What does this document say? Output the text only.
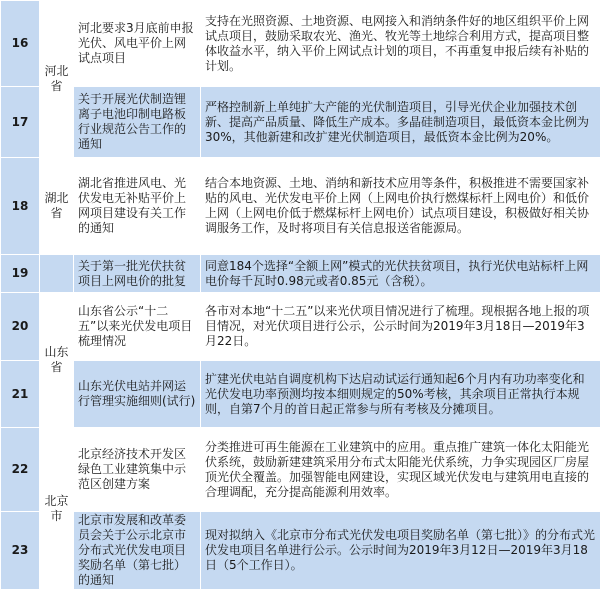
16	河北省	河北要求3月底前申报光伏、风电平价上网试点项目	支持在光照资源、土地资源、电网接入和消纳条件好的地区组织平价上网试点项目，鼓励采取农光、渔光、牧光等土地综合利用方式，提高项目整体收益水平，纳入平价上网试点计划的项目，不再重复申报后续有补贴的计划。
17		关于开展光伏制造锂离子电池印制电路板行业规范公告工作的通知	严格控制新上单纯扩大产能的光伏制造项目，引导光伏企业加强技术创新、提高产品质量、降低生产成本。多晶硅制造项目，最低资本金比例为30%，其他新建和改扩建光伏制造项目，最低资本金比例为20%。
18	湖北省	湖北省推进风电、光伏发电无补贴平价上网项目建设有关工作的通知	结合本地资源、土地、消纳和新技术应用等条件，积极推进不需要国家补贴的风电、光伏发电平价上网（上网电价执行燃煤标杆上网电价）和低价上网（上网电价低于燃煤标杆上网电价）试点项目建设，积极做好相关协调服务工作，及时将项目有关信息报送省能源局。
19		关于第一批光伏扶贫项目上网电价的批复	同意184个选择“全额上网”模式的光伏扶贫项目，执行光伏电站标杆上网电价每千瓦时0.98元或者0.85元（含税）。
20	山东省	山东省公示“十二五”以来光伏发电项目梳理情况	各市对本地“十二五”以来光伏项目情况进行了梳理。现根据各地上报的项目情况，对光伏项目进行公示，公示时间为2019年3月18日—2019年3月22日。
21		山东光伏电站并网运行管理实施细则(试行)	扩建光伏电站自调度机构下达启动试运行通知起6个月内有功功率变化和光伏发电功率预测均按本细则规定的50%考核，其余项目正常执行本规则，自第7个月的首日起正常参与所有考核及分摊项目。
22	北京市	北京经济技术开发区绿色工业建筑集中示范区创建方案	分类推进可再生能源在工业建筑中的应用。重点推广建筑一体化太阳能光伏系统，鼓励新建建筑采用分布式太阳能光伏系统，力争实现园区厂房屋顶光伏全覆盖。加强智能电网建设，实现区域光伏发电与建筑用电直接的合理调配，充分提高能源利用效率。
23		北京市发展和改革委员会关于公示北京市分布式光伏发电项目奖励名单（第七批）的通知	现对拟纳入《北京市分布式光伏发电项目奖励名单（第七批）》的分布式光伏发电项目名单进行公示。公示时间为2019年3月12日—2019年3月18日（5个工作日）。
